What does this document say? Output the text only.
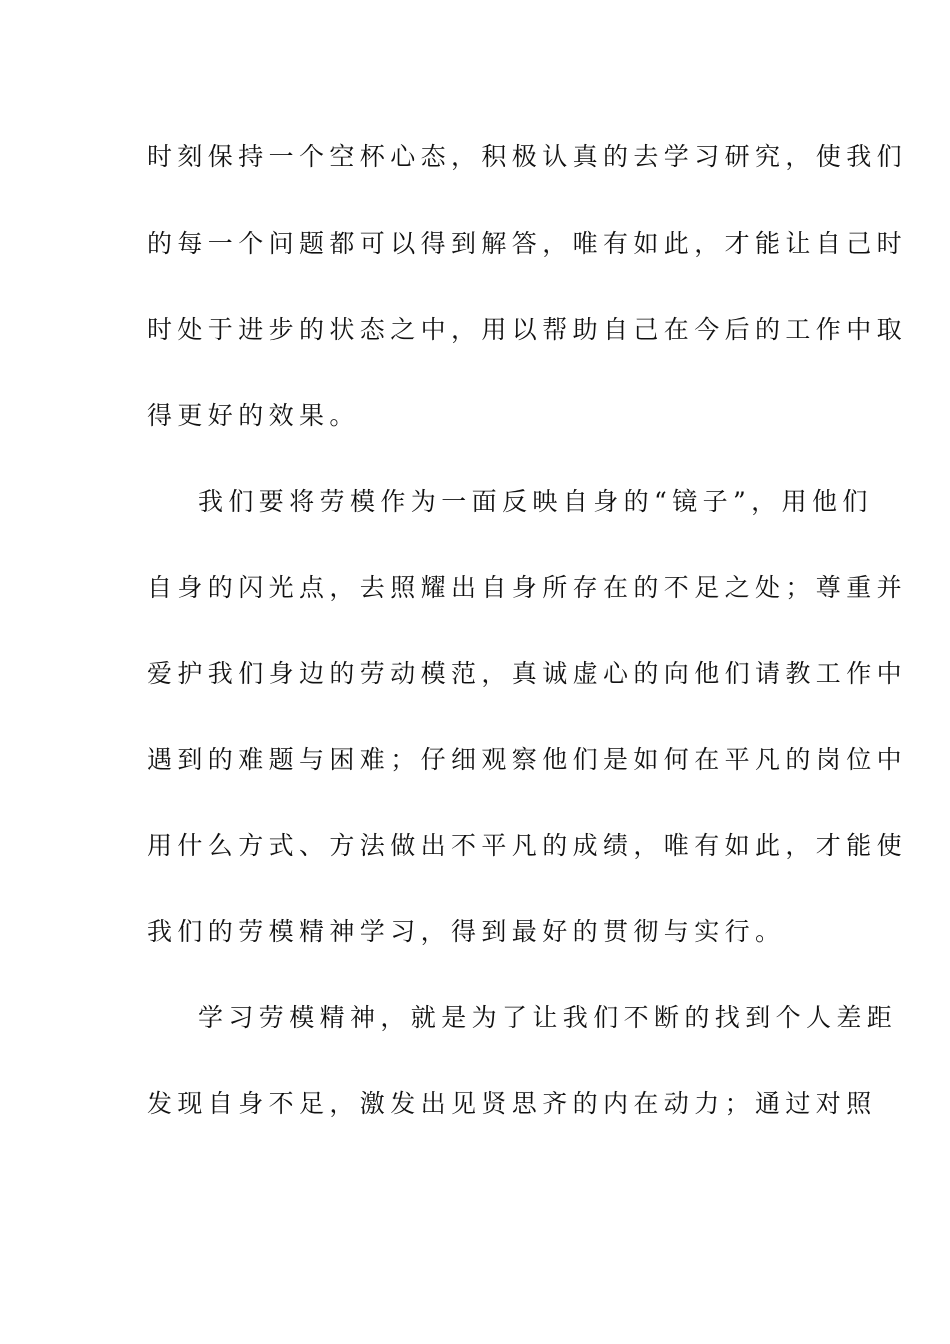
时刻保持一个空杯心态，积极认真的去学习研究，使我们
的每一个问题都可以得到解答，唯有如此，才能让自己时
时处于进步的状态之中，用以帮助自己在今后的工作中取
得更好的效果。
我们要将劳模作为一面反映自身的“镜子”，用他们
自身的闪光点，去照耀出自身所存在的不足之处；尊重并
爱护我们身边的劳动模范，真诚虚心的向他们请教工作中
遇到的难题与困难；仔细观察他们是如何在平凡的岗位中
用什么方式、方法做出不平凡的成绩，唯有如此，才能使
我们的劳模精神学习，得到最好的贯彻与实行。
学习劳模精神，就是为了让我们不断的找到个人差距
发现自身不足，激发出见贤思齐的内在动力；通过对照
